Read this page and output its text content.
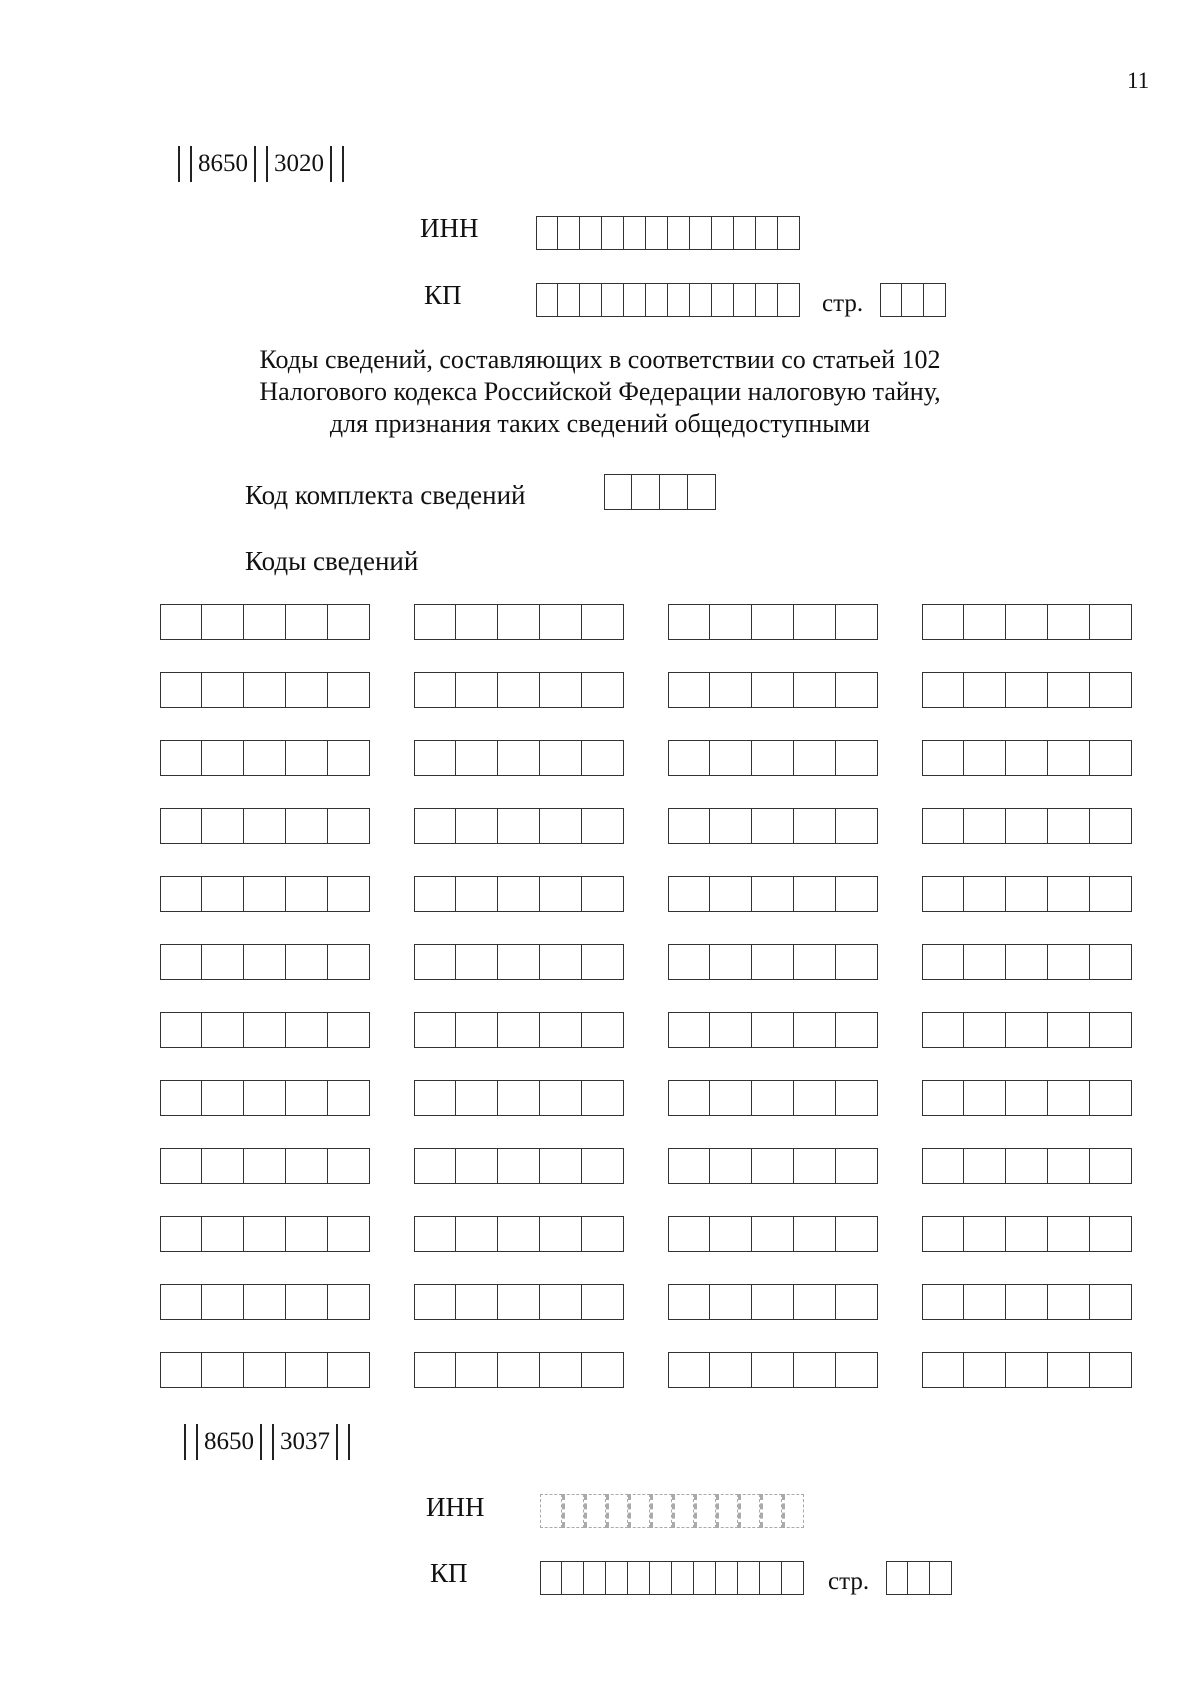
11
8650 3020
ИНН
КП	стр.
Коды сведений, составляющих в соответствии со статьей 102
Налогового кодекса Российской Федерации налоговую тайну,
для признания таких сведений общедоступными
Код комплекта сведений
Коды сведений
8650 3037
ИНН
КП	стр.
